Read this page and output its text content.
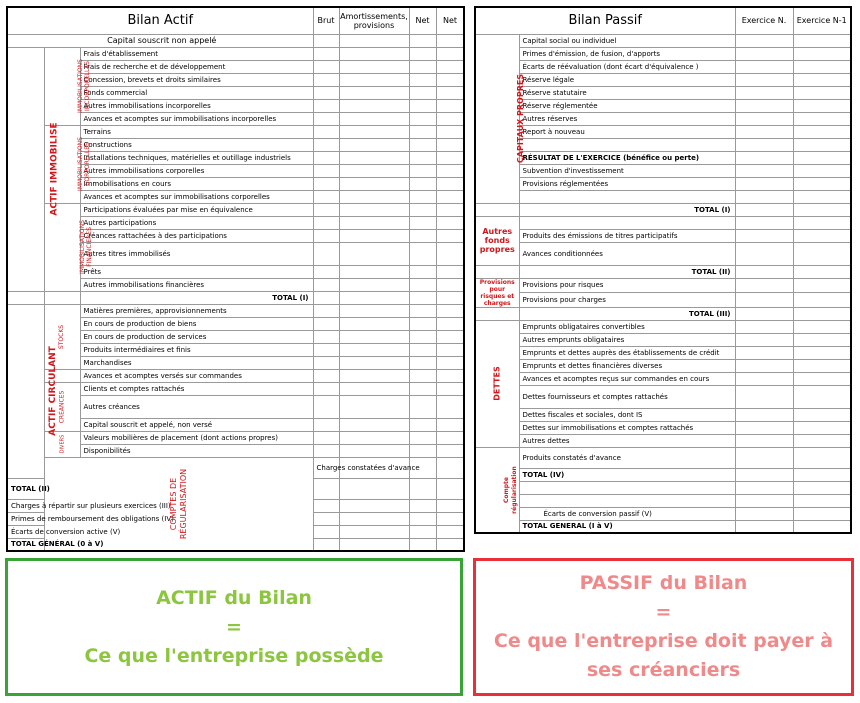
Bilan Actif			Brut	Amortissements, provisions	Net	Net	
Capital souscrit non appelé							
ACTIF IMMOBILISE	IMMOBILISATIONS INCORPORELLES	Frais d'établissement					
		Frais de recherche et de développement					
		Concession, brevets et droits similaires					
		Fonds commercial					
		Autres immobilisations incorporelles					
		Avances et acomptes sur immobilisations incorporelles					
	IMMOBILISATIONS CORPORELLES	Terrains					
		Constructions					
		Installations techniques, matérielles et outillage industriels					
		Autres immobilisations corporelles					
		Immobilisations en cours					
		Avances et acomptes sur immobilisations corporelles					
	IMMOBILISATIONS FINANCIERES	Participations évaluées par mise en équivalence					
		Autres participations					
		Créances rattachées à des participations					
		Autres titres immobilisés					
		Prêts					
		Autres immobilisations financières					
		TOTAL (I)					
ACTIF CIRCULANT	STOCKS	Matières premières, approvisionnements					
		En cours de production de biens					
		En cours de production de services					
		Produits intermédiaires et finis					
		Marchandises					
		Avances et acomptes versés sur commandes					
	CRÉANCES	Clients et comptes rattachés					
		Autres créances					
		Capital souscrit et appelé, non versé					
	DIVERS	Valeurs mobilières de placement (dont actions propres)					
		Disponibilités					
	COMPTES DE RÉGULARISATION		Charges constatées d'avance				
TOTAL (II)							
Charges à répartir sur plusieurs exercices (III)							
Primes de remboursement des obligations (IV)							
Écarts de conversion active (V)							
TOTAL GÉNÉRAL (0 à V)							
Bilan Passif		Exercice N.	Exercice N-1
CAPITAUX PROPRES	Capital social ou individuel		
	Primes d'émission, de fusion, d'apports		
	Écarts de réévaluation (dont écart d'équivalence )		
	Réserve légale		
	Réserve statutaire		
	Réserve réglementée		
	Autres réserves		
	Report à nouveau		

	RÉSULTAT DE L'EXERCICE (bénéfice ou perte)		
	Subvention d'investissement		
	Provisions réglementées		

	TOTAL (I)		
Autres fonds propres			
	Produits des émissions de titres participatifs		
	Avances conditionnées		
	TOTAL (II)		
Provisions pour risques et charges	Provisions pour risques		
	Provisions pour charges		
	TOTAL (III)		
DETTES	Emprunts obligataires convertibles		
	Autres emprunts obligataires		
	Emprunts et dettes auprès des établissements de crédit		
	Emprunts et dettes financières diverses		
	Avances et acomptes reçus sur commandes en cours		
	Dettes fournisseurs et comptes rattachés		
	Dettes fiscales et sociales, dont IS		
	Dettes sur immobilisations et comptes rattachés		
	Autres dettes		
Compte régularisation	Produits constatés d'avance		
	TOTAL (IV)		

	Écarts de conversion passif (V)		
	TOTAL GENERAL (I à V)		
ACTIF du Bilan
=
Ce que l'entreprise possède
PASSIF du Bilan
=
Ce que l'entreprise doit payer à ses créanciers
